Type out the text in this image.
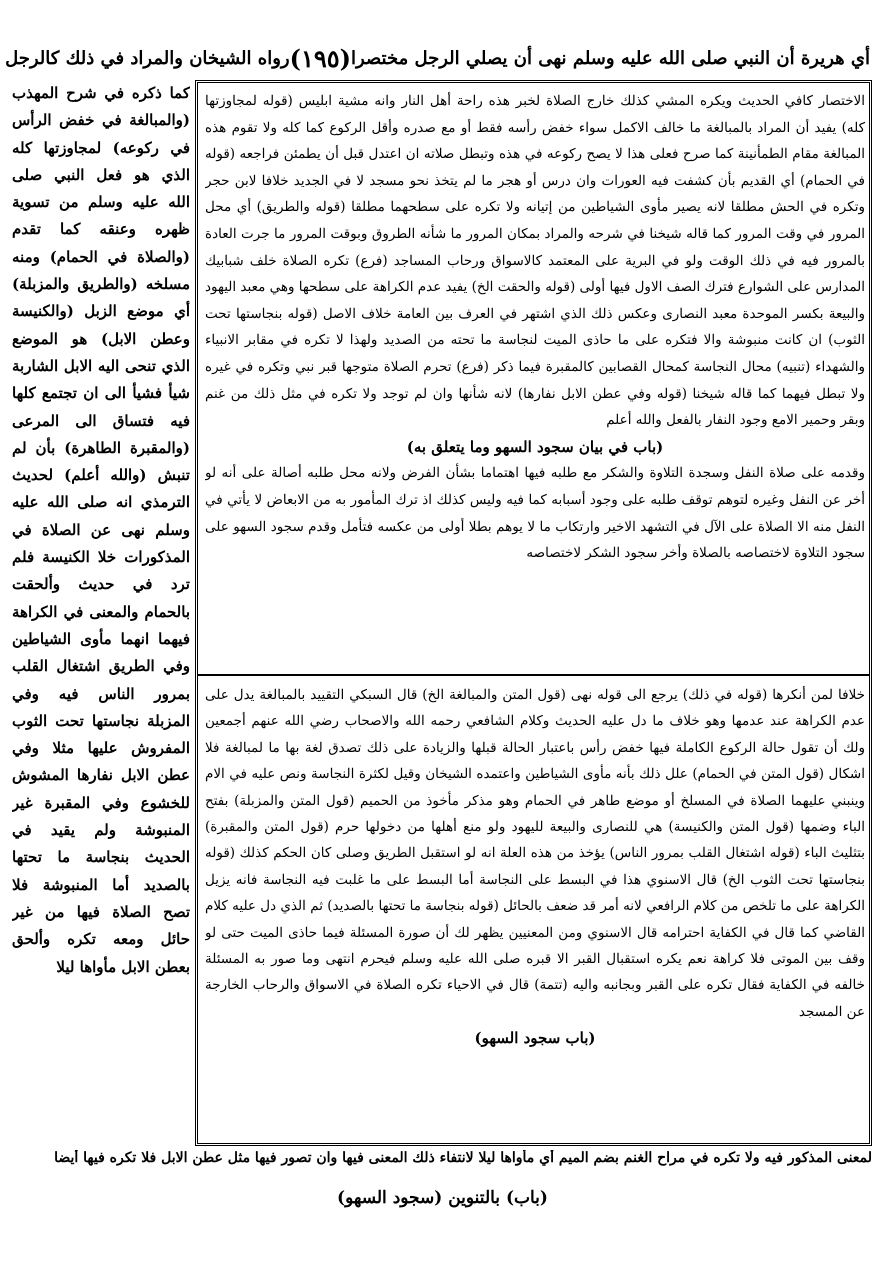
أي هريرة أن النبي صلى الله عليه وسلم نهى أن يصلي الرجل مختصرا
(١٩٥)
رواه الشيخان والمراد في ذلك كالرجل

الاختصار كافي الحديث ويكره المشي كذلك خارج الصلاة لخبر هذه راحة أهل النار وانه مشية ابليس (قوله لمجاوزتها كله) يفيد أن المراد بالمبالغة ما خالف الاكمل سواء خفض رأسه فقط أو مع صدره وأقل الركوع كما كله ولا تقوم هذه المبالغة مقام الطمأنينة كما صرح فعلى هذا لا يصح ركوعه في هذه وتبطل صلاته ان اعتدل قبل أن يطمئن فراجعه (قوله في الحمام) أي القديم بأن كشفت فيه العورات وان درس أو هجر ما لم يتخذ نحو مسجد لا في الجديد خلافا لابن حجر وتكره في الحش مطلقا لانه يصير مأوى الشياطين من إتيانه ولا تكره على سطحهما مطلقا (قوله والطريق) أي محل المرور في وقت المرور كما قاله شيخنا في شرحه والمراد بمكان المرور ما شأنه الطروق وبوقت المرور ما جرت العادة بالمرور فيه في ذلك الوقت ولو في البرية على المعتمد كالاسواق ورحاب المساجد (فرع) تكره الصلاة خلف شبابيك المدارس على الشوارع فترك الصف الاول فيها أولى (قوله والحقت الخ) يفيد عدم الكراهة على سطحها وهي معبد اليهود والبيعة بكسر الموحدة معبد النصارى وعكس ذلك الذي اشتهر في العرف بين العامة خلاف الاصل (قوله بنجاستها تحت الثوب) ان كانت منبوشة والا فتكره على ما حاذى الميت لنجاسة ما تحته من الصديد ولهذا لا تكره في مقابر الانبياء والشهداء (تنبيه) محال النجاسة كمحال القصابين كالمقبرة فيما ذكر (فرع) تحرم الصلاة متوجها قبر نبي وتكره في غيره ولا تبطل فيهما كما قاله شيخنا (قوله وفي عطن الابل نفارها) لانه شأنها وان لم توجد ولا تكره في مثل ذلك من غنم وبقر وحمير الامع وجود النفار بالفعل والله أعلم

(باب في بيان سجود السهو وما يتعلق به)

وقدمه على صلاة النفل وسجدة التلاوة والشكر مع طلبه فيها اهتماما بشأن الفرض ولانه محل طلبه أصالة على أنه لو أخر عن النفل وغيره لتوهم توقف طلبه على وجود أسبابه كما فيه وليس كذلك اذ ترك المأمور به من الابعاض لا يأتي في النفل منه الا الصلاة على الآل في التشهد الاخير وارتكاب ما لا يوهم بطلا أولى من عكسه فتأمل وقدم سجود السهو على سجود التلاوة لاختصاصه بالصلاة وأخر سجود الشكر لاختصاصه

خلافا لمن أنكرها (قوله في ذلك) يرجع الى قوله نهى (قول المتن والمبالغة الخ) قال السبكي التقييد بالمبالغة يدل على عدم الكراهة عند عدمها وهو خلاف ما دل عليه الحديث وكلام الشافعي رحمه الله والاصحاب رضي الله عنهم أجمعين ولك أن تقول حالة الركوع الكاملة فيها خفض رأس باعتبار الحالة قبلها والزيادة على ذلك تصدق لغة بها ما لمبالغة فلا اشكال (قول المتن في الحمام) علل ذلك بأنه مأوى الشياطين واعتمده الشيخان وقيل لكثرة النجاسة ونص عليه في الام وينبني عليهما الصلاة في المسلخ أو موضع طاهر في الحمام وهو مذكر مأخوذ من الحميم (قول المتن والمزبلة) بفتح الباء وضمها (قول المتن والكنيسة) هي للنصارى والبيعة لليهود ولو منع أهلها من دخولها حرم (قول المتن والمقبرة) بتثليث الباء (قوله اشتغال القلب بمرور الناس) يؤخذ من هذه العلة انه لو استقبل الطريق وصلى كان الحكم كذلك (قوله بنجاستها تحت الثوب الخ) قال الاسنوي هذا في البسط على النجاسة أما البسط على ما غلبت فيه النجاسة فانه يزيل الكراهة على ما تلخص من كلام الرافعي لانه أمر قد ضعف بالحائل (قوله بنجاسة ما تحتها بالصديد) ثم الذي دل عليه كلام القاضي كما قال في الكفاية احترامه قال الاسنوي ومن المعنيين يظهر لك أن صورة المسئلة فيما حاذى الميت حتى لو وقف بين الموتى فلا كراهة نعم يكره استقبال القبر الا قبره صلى الله عليه وسلم فيحرم انتهى وما صور به المسئلة خالفه في الكفاية فقال تكره على القبر وبجانبه واليه (تتمة) قال في الاحياء تكره الصلاة في الاسواق والرحاب الخارجة عن المسجد

(باب سجود السهو)

كما ذكره في شرح المهذب (والمبالغة في خفض الرأس في ركوعه) لمجاوزتها كله الذي هو فعل النبي صلى الله عليه وسلم من تسوية ظهره وعنقه كما تقدم (والصلاة في الحمام) ومنه مسلخه (والطريق والمزبلة) أي موضع الزبل (والكنيسة وعطن الابل) هو الموضع الذي تنحى اليه الابل الشاربة شيأ فشيأ الى ان تجتمع كلها فيه فتساق الى المرعى (والمقبرة الطاهرة) بأن لم تنبش (والله أعلم) لحديث الترمذي انه صلى الله عليه وسلم نهى عن الصلاة في المذكورات خلا الكنيسة فلم ترد في حديث وألحقت بالحمام والمعنى في الكراهة فيهما انهما مأوى الشياطين وفي الطريق اشتغال القلب بمرور الناس فيه وفي المزبلة نجاستها تحت الثوب المفروش عليها مثلا وفي عطن الابل نفارها المشوش للخشوع وفي المقبرة غير المنبوشة ولم يقيد في الحديث بنجاسة ما تحتها بالصديد أما المنبوشة فلا تصح الصلاة فيها من غير حائل ومعه تكره وألحق بعطن الابل مأواها ليلا

لمعنى المذكور فيه ولا تكره في مراح الغنم بضم الميم أي مأواها ليلا لانتفاء ذلك المعنى فيها وان تصور فيها مثل عطن الابل فلا تكره فيها أيضا
(باب) بالتنوين (سجود السهو)
